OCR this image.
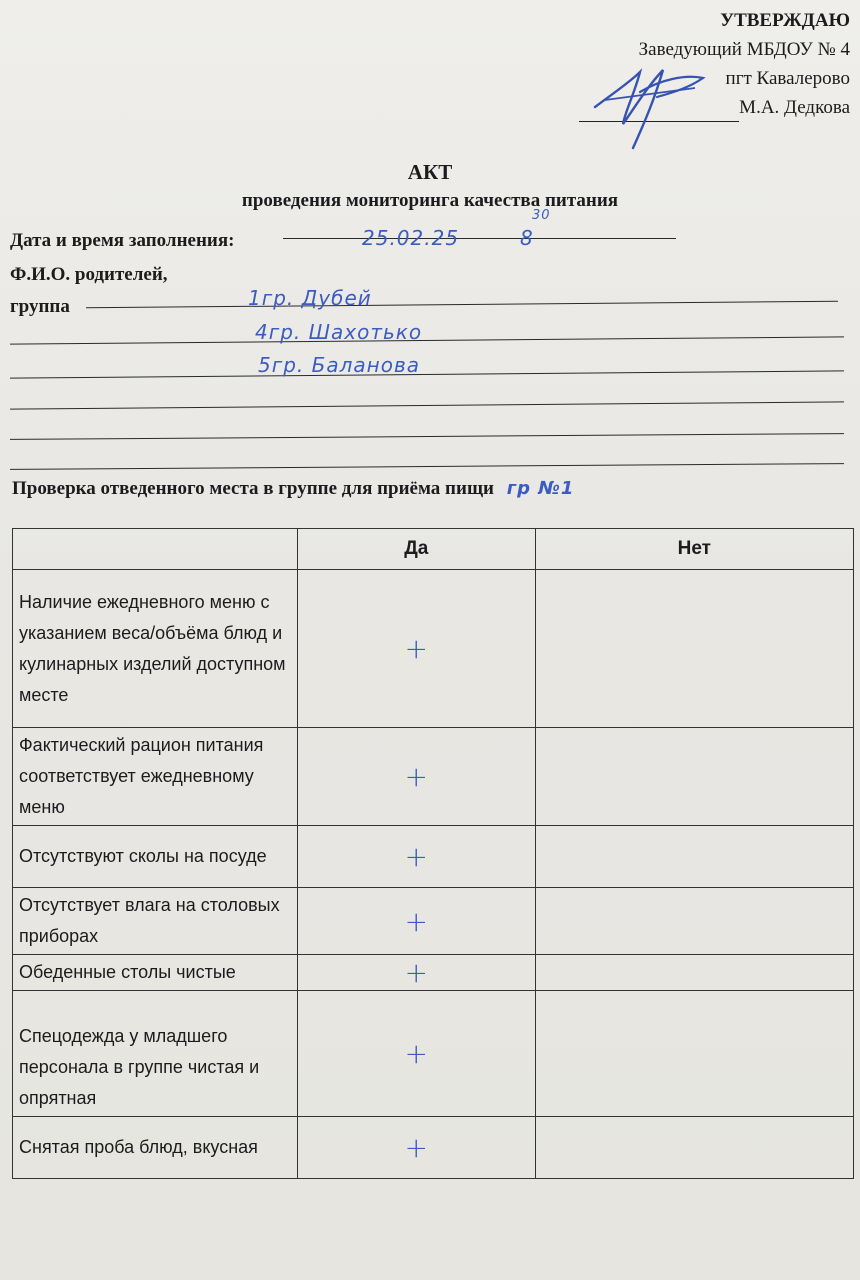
УТВЕРЖДАЮ
Заведующий МБДОУ № 4
пгт Кавалерово
М.А. Дедкова
АКТ
проведения мониторинга качества питания
Дата и время заполнения:	25.02.25	8
30
Ф.И.О. родителей,
группа	1гр. Дубей
4гр. Шахотько
5гр. Баланова
Проверка отведенного места в группе для приёма пищи гр №1
	Да	Нет
Наличие ежедневного меню с указанием веса/объёма блюд и кулинарных изделий доступном месте	+	
Фактический рацион питания соответствует ежедневному меню	+	
Отсутствуют сколы на посуде	+	
Отсутствует влага на столовых приборах	+	
Обеденные столы чистые	+	
Спецодежда у младшего персонала в группе чистая и опрятная	+	
Снятая проба блюд, вкусная	+	
